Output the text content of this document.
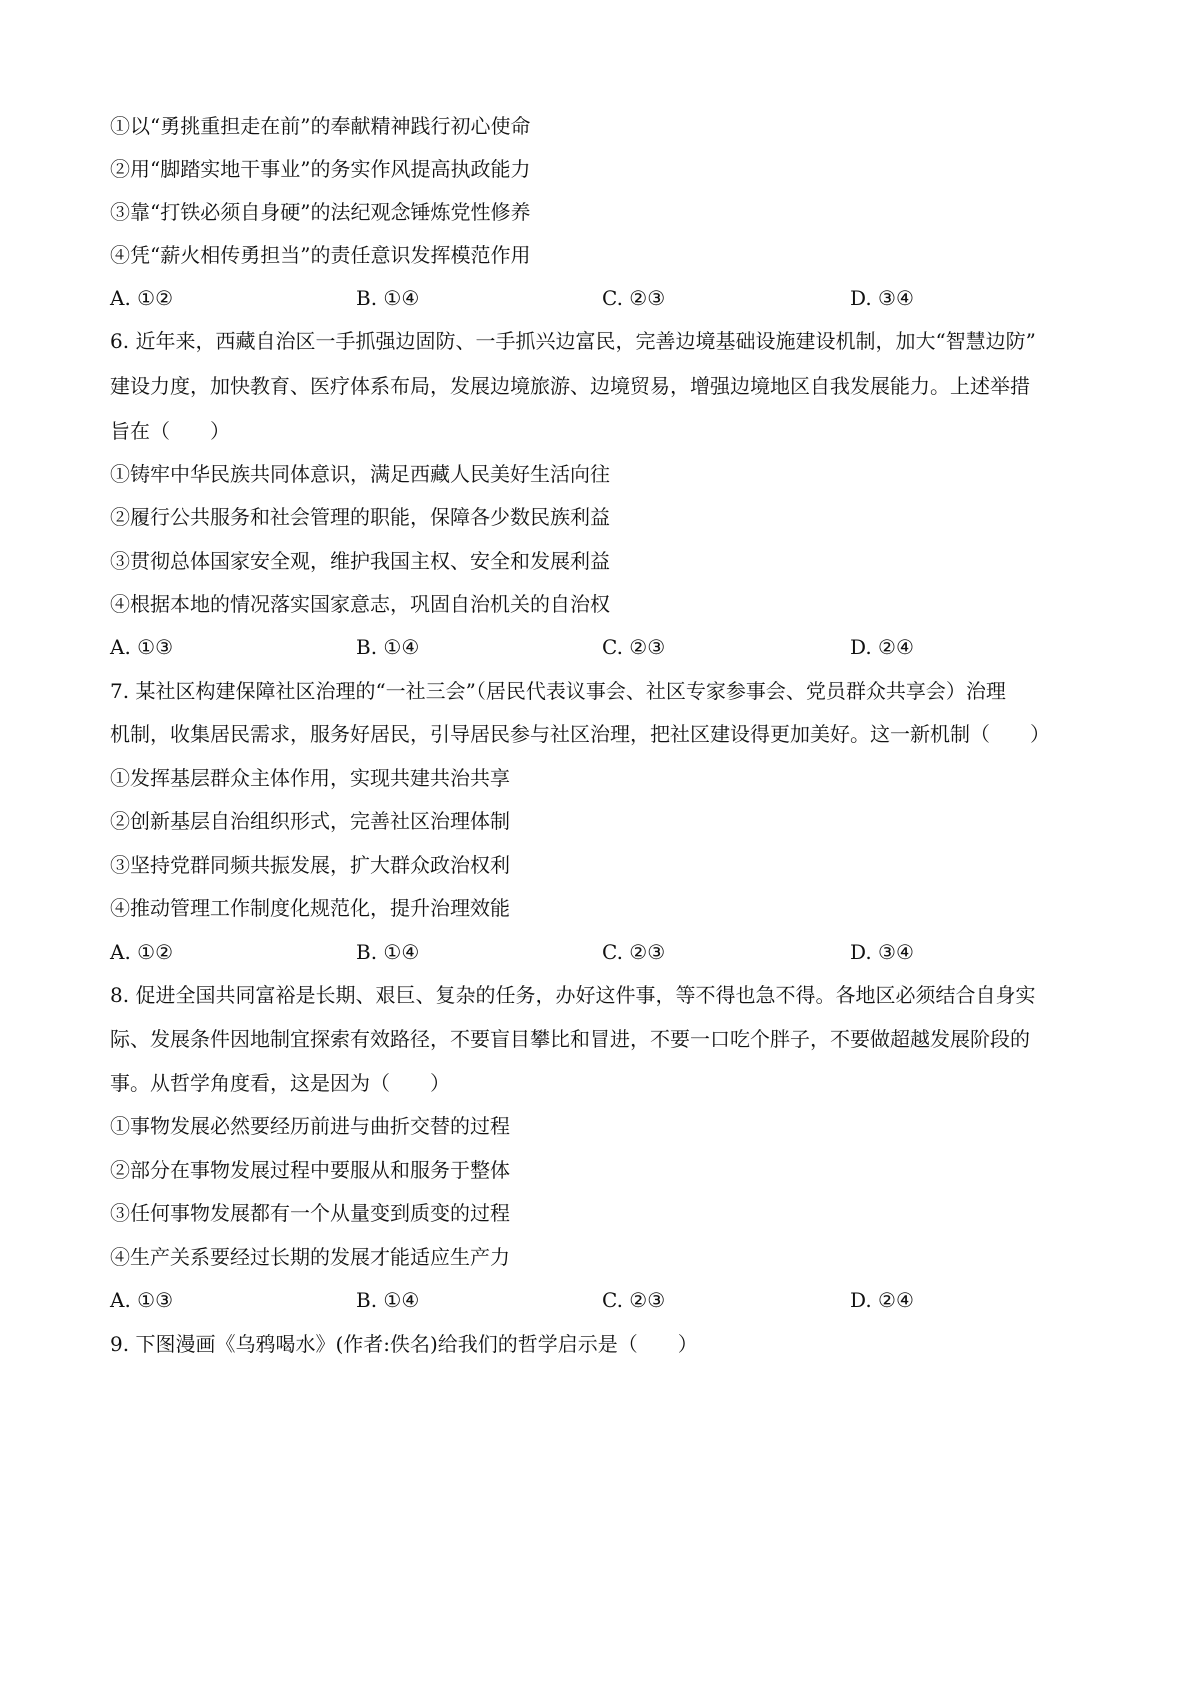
①以“勇挑重担走在前”的奉献精神践行初心使命
②用“脚踏实地干事业”的务实作风提高执政能力
③靠“打铁必须自身硬”的法纪观念锤炼党性修养
④凭“薪火相传勇担当”的责任意识发挥模范作用
A. ①②	B. ①④	C. ②③	D. ③④
6. 近年来，西藏自治区一手抓强边固防、一手抓兴边富民，完善边境基础设施建设机制，加大“智慧边防”
建设力度，加快教育、医疗体系布局，发展边境旅游、边境贸易，增强边境地区自我发展能力。上述举措
旨在（　　）
①铸牢中华民族共同体意识，满足西藏人民美好生活向往
②履行公共服务和社会管理的职能，保障各少数民族利益
③贯彻总体国家安全观，维护我国主权、安全和发展利益
④根据本地的情况落实国家意志，巩固自治机关的自治权
A. ①③	B. ①④	C. ②③	D. ②④
7. 某社区构建保障社区治理的“一社三会”（居民代表议事会、社区专家参事会、党员群众共享会）治理
机制，收集居民需求，服务好居民，引导居民参与社区治理，把社区建设得更加美好。这一新机制（　　）
①发挥基层群众主体作用，实现共建共治共享
②创新基层自治组织形式，完善社区治理体制
③坚持党群同频共振发展，扩大群众政治权利
④推动管理工作制度化规范化，提升治理效能
A. ①②	B. ①④	C. ②③	D. ③④
8. 促进全国共同富裕是长期、艰巨、复杂的任务，办好这件事，等不得也急不得。各地区必须结合自身实
际、发展条件因地制宜探索有效路径，不要盲目攀比和冒进，不要一口吃个胖子，不要做超越发展阶段的
事。从哲学角度看，这是因为（　　）
①事物发展必然要经历前进与曲折交替的过程
②部分在事物发展过程中要服从和服务于整体
③任何事物发展都有一个从量变到质变的过程
④生产关系要经过长期的发展才能适应生产力
A. ①③	B. ①④	C. ②③	D. ②④
9. 下图漫画《乌鸦喝水》(作者:佚名)给我们的哲学启示是（　　）
